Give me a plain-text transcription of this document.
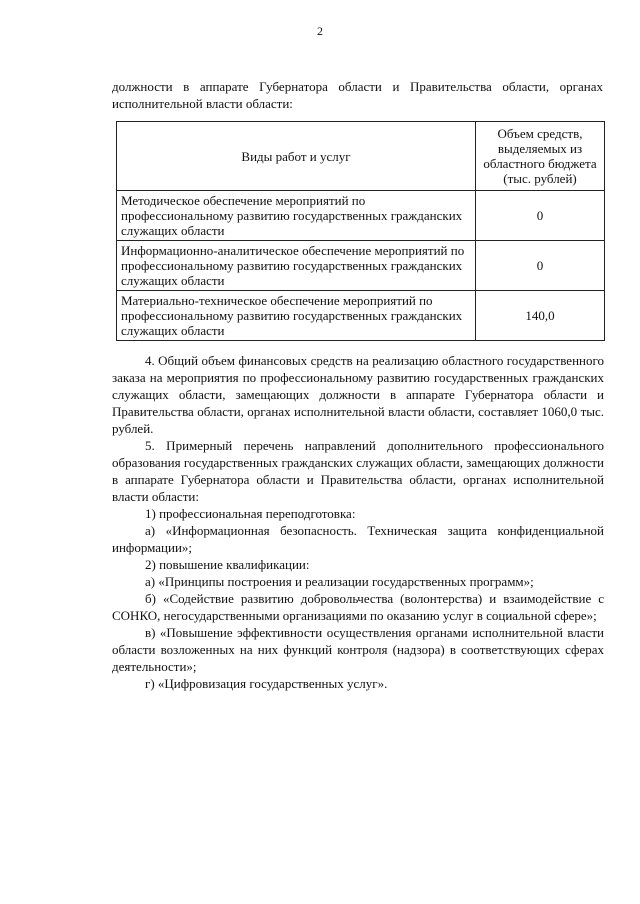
2
должности в аппарате Губернатора области и Правительства области, органах исполнительной власти области:
Виды работ и услуг	Объем средств, выделяемых из областного бюджета (тыс. рублей)
Методическое обеспечение мероприятий по профессиональному развитию государственных гражданских служащих области	0
Информационно-аналитическое обеспечение мероприятий по профессиональному развитию государственных гражданских служащих области	0
Материально-техническое обеспечение мероприятий по профессиональному развитию государственных гражданских служащих области	140,0

4. Общий объем финансовых средств на реализацию областного государственного заказа на мероприятия по профессиональному развитию государственных гражданских служащих области, замещающих должности в аппарате Губернатора области и Правительства области, органах исполнительной власти области, составляет 1060,0 тыс. рублей.

5. Примерный перечень направлений дополнительного профессионального образования государственных гражданских служащих области, замещающих должности в аппарате Губернатора области и Правительства области, органах исполнительной власти области:

1) профессиональная переподготовка:

а) «Информационная безопасность. Техническая защита конфиденциальной информации»;

2) повышение квалификации:

а) «Принципы построения и реализации государственных программ»;

б) «Содействие развитию добровольчества (волонтерства) и взаимодействие с СОНКО, негосударственными организациями по оказанию услуг в социальной сфере»;

в) «Повышение эффективности осуществления органами исполнительной власти области возложенных на них функций контроля (надзора) в соответствующих сферах деятельности»;

г) «Цифровизация государственных услуг».
